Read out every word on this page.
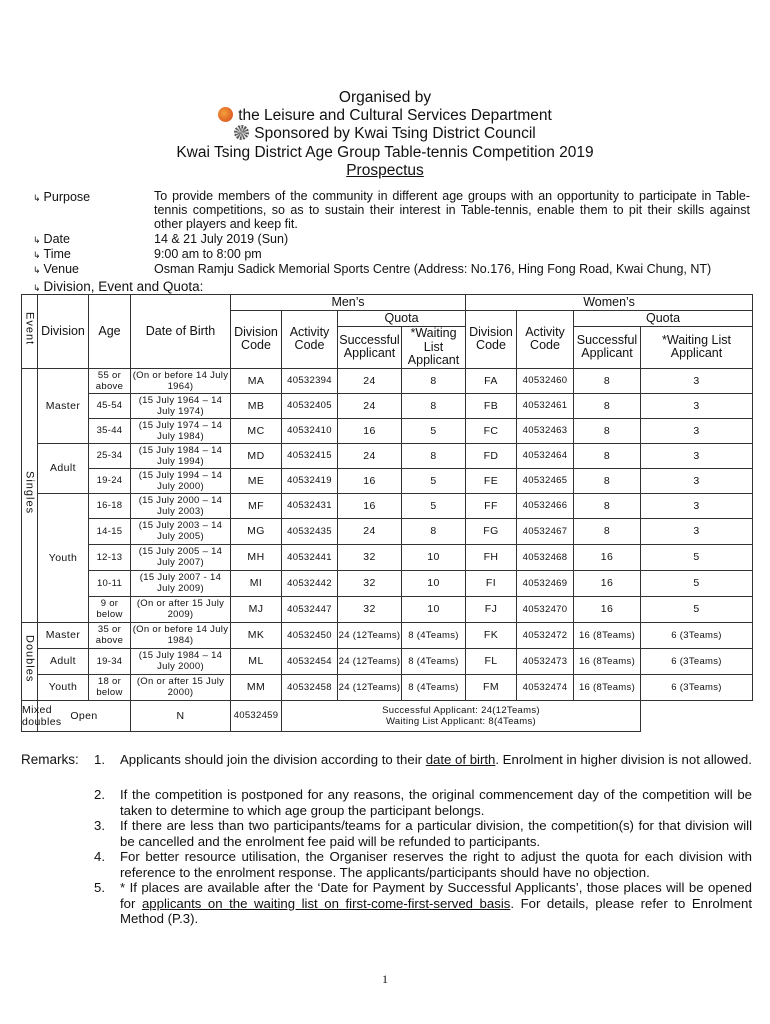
Organised by
the Leisure and Cultural Services Department
Sponsored by Kwai Tsing District Council
Kwai Tsing District Age Group Table-tennis Competition 2019
Prospectus
↳ Purpose	To provide members of the community in different age groups with an opportunity to participate in Table-tennis competitions, so as to sustain their interest in Table-tennis, enable them to pit their skills against other players and keep fit.
↳ Date	14 & 21 July 2019 (Sun)
↳ Time	9:00 am to 8:00 pm
↳ Venue	Osman Ramju Sadick Memorial Sports Centre (Address: No.176, Hing Fong Road, Kwai Chung, NT)
↳ Division, Event and Quota:
Event	Division	Age	Date of Birth	Men’s				Women’s			
				Division Code	Activity Code	Quota		Division Code	Activity Code	Quota	
						Successful Applicant	*Waiting List Applicant			Successful Applicant	*Waiting List Applicant
Singles	Master	55 or above	(On or before 14 July 1964)	MA	40532394	24	8	FA	40532460	8	3
		45-54	(15 July 1964 – 14 July 1974)	MB	40532405	24	8	FB	40532461	8	3
		35-44	(15 July 1974 – 14 July 1984)	MC	40532410	16	5	FC	40532463	8	3
	Adult	25-34	(15 July 1984 – 14 July 1994)	MD	40532415	24	8	FD	40532464	8	3
		19-24	(15 July 1994 – 14 July 2000)	ME	40532419	16	5	FE	40532465	8	3
	Youth	16-18	(15 July 2000 – 14 July 2003)	MF	40532431	16	5	FF	40532466	8	3
		14-15	(15 July 2003 – 14 July 2005)	MG	40532435	24	8	FG	40532467	8	3
		12-13	(15 July 2005 – 14 July 2007)	MH	40532441	32	10	FH	40532468	16	5
		10-11	(15 July 2007 - 14 July 2009)	MI	40532442	32	10	FI	40532469	16	5
		9 or below	(On or after 15 July 2009)	MJ	40532447	32	10	FJ	40532470	16	5
Doubles	Master	35 or above	(On or before 14 July 1984)	MK	40532450	24 (12Teams)	8 (4Teams)	FK	40532472	16 (8Teams)	6 (3Teams)
	Adult	19-34	(15 July 1984 – 14 July 2000)	ML	40532454	24 (12Teams)	8 (4Teams)	FL	40532473	16 (8Teams)	6 (3Teams)
	Youth	18 or below	(On or after 15 July 2000)	MM	40532458	24 (12Teams)	8 (4Teams)	FM	40532474	16 (8Teams)	6 (3Teams)
Mixed doubles	Open		N	40532459	Successful Applicant: 24(12Teams)
Waiting List Applicant: 8(4Teams)						
Remarks: 1. Applicants should join the division according to their date of birth. Enrolment in higher division is not allowed.
2. If the competition is postponed for any reasons, the original commencement day of the competition will be taken to determine to which age group the participant belongs.
3. If there are less than two participants/teams for a particular division, the competition(s) for that division will be cancelled and the enrolment fee paid will be refunded to participants.
4. For better resource utilisation, the Organiser reserves the right to adjust the quota for each division with reference to the enrolment response. The applicants/participants should have no objection.
5. * If places are available after the ‘Date for Payment by Successful Applicants’, those places will be opened for applicants on the waiting list on first-come-first-served basis. For details, please refer to Enrolment Method (P.3).
1
